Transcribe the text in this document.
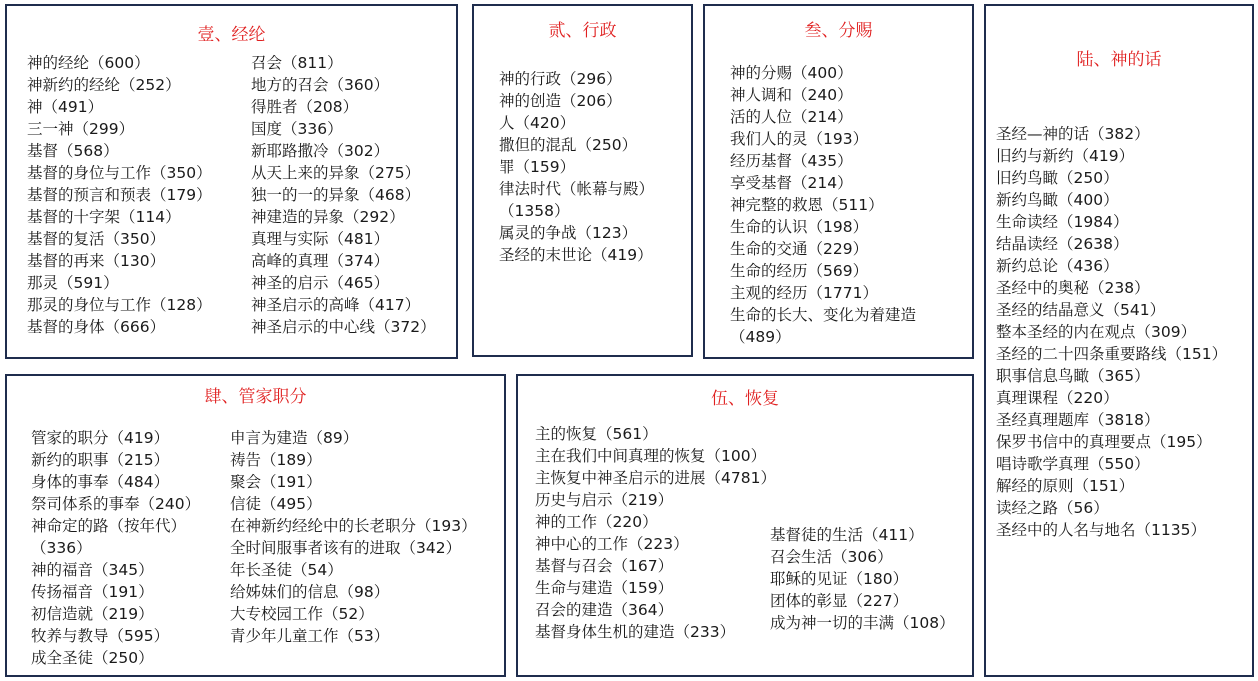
壹、经纶
神的经纶（600）
神新约的经纶（252）
神（491）
三一神（299）
基督（568）
基督的身位与工作（350）
基督的预言和预表（179）
基督的十字架（114）
基督的复活（350）
基督的再来（130）
那灵（591）
那灵的身位与工作（128）
基督的身体（666）
召会（811）
地方的召会（360）
得胜者（208）
国度（336）
新耶路撒冷（302）
从天上来的异象（275）
独一的一的异象（468）
神建造的异象（292）
真理与实际（481）
高峰的真理（374）
神圣的启示（465）
神圣启示的高峰（417）
神圣启示的中心线（372）
贰、行政
神的行政（296）
神的创造（206）
人（420）
撒但的混乱（250）
罪（159）
律法时代（帐幕与殿）
（1358）
属灵的争战（123）
圣经的末世论（419）
叁、分赐
神的分赐（400）
神人调和（240）
活的人位（214）
我们人的灵（193）
经历基督（435）
享受基督（214）
神完整的救恩（511）
生命的认识（198）
生命的交通（229）
生命的经历（569）
主观的经历（1771）
生命的长大、变化为着建造
（489）
肆、管家职分
管家的职分（419）
新约的职事（215）
身体的事奉（484）
祭司体系的事奉（240）
神命定的路（按年代）
（336）
神的福音（345）
传扬福音（191）
初信造就（219）
牧养与教导（595）
成全圣徒（250）
申言为建造（89）
祷告（189）
聚会（191）
信徒（495）
在神新约经纶中的长老职分（193）
全时间服事者该有的进取（342）
年长圣徒（54）
给姊妹们的信息（98）
大专校园工作（52）
青少年儿童工作（53）
伍、恢复
主的恢复（561）
主在我们中间真理的恢复（100）
主恢复中神圣启示的进展（4781）
历史与启示（219）
神的工作（220）
神中心的工作（223）
基督与召会（167）
生命与建造（159）
召会的建造（364）
基督身体生机的建造（233）
基督徒的生活（411）
召会生活（306）
耶稣的见证（180）
团体的彰显（227）
成为神一切的丰满（108）
陆、神的话
圣经—神的话（382）
旧约与新约（419）
旧约鸟瞰（250）
新约鸟瞰（400）
生命读经（1984）
结晶读经（2638）
新约总论（436）
圣经中的奥秘（238）
圣经的结晶意义（541）
整本圣经的内在观点（309）
圣经的二十四条重要路线（151）
职事信息鸟瞰（365）
真理课程（220）
圣经真理题库（3818）
保罗书信中的真理要点（195）
唱诗歌学真理（550）
解经的原则（151）
读经之路（56）
圣经中的人名与地名（1135）
